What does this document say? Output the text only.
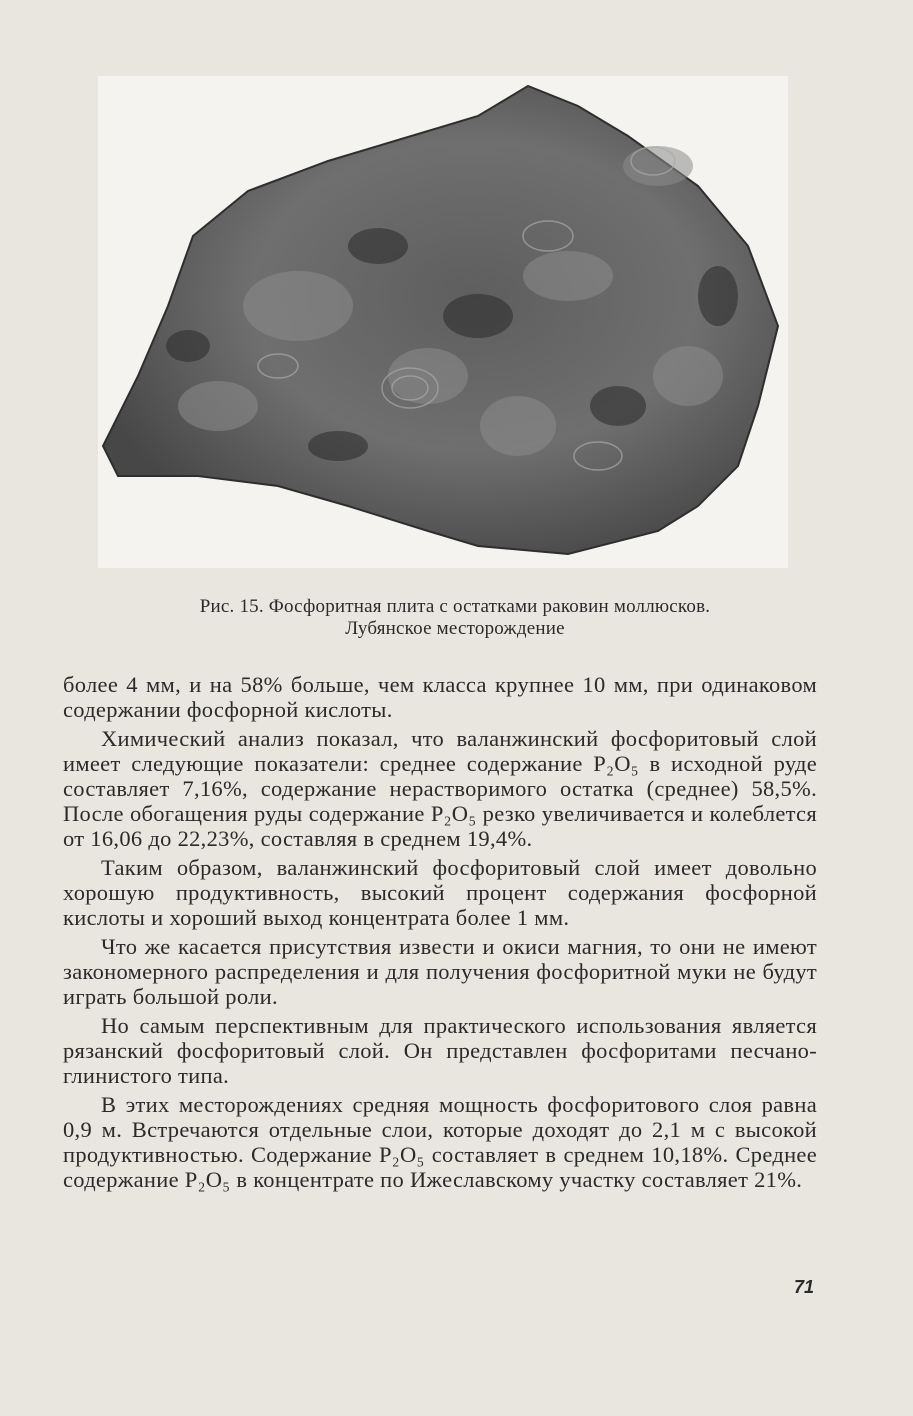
Рис. 15. Фосфоритная плита с остатками раковин моллюсков.
Лубянское месторождение

более 4 мм, и на 58% больше, чем класса крупнее 10 мм, при одинаковом содержании фосфорной кислоты.

Химический анализ показал, что валанжинский фосфоритовый слой имеет следующие показатели: среднее содержание P₂O₅ в исходной руде составляет 7,16%, содержание нерастворимого остатка (среднее) 58,5%. После обогащения руды содержание P₂O₅ резко увеличивается и колеблется от 16,06 до 22,23%, составляя в среднем 19,4%.

Таким образом, валанжинский фосфоритовый слой имеет довольно хорошую продуктивность, высокий процент содержания фосфорной кислоты и хороший выход концентрата более 1 мм.

Что же касается присутствия извести и окиси магния, то они не имеют закономерного распределения и для получения фосфоритной муки не будут играть большой роли.

Но самым перспективным для практического использования является рязанский фосфоритовый слой. Он представлен фосфоритами песчано-глинистого типа.

В этих месторождениях средняя мощность фосфоритового слоя равна 0,9 м. Встречаются отдельные слои, которые доходят до 2,1 м с высокой продуктивностью. Содержание P₂O₅ составляет в среднем 10,18%. Среднее содержание P₂O₅ в концентрате по Ижеславскому участку составляет 21%.

71
